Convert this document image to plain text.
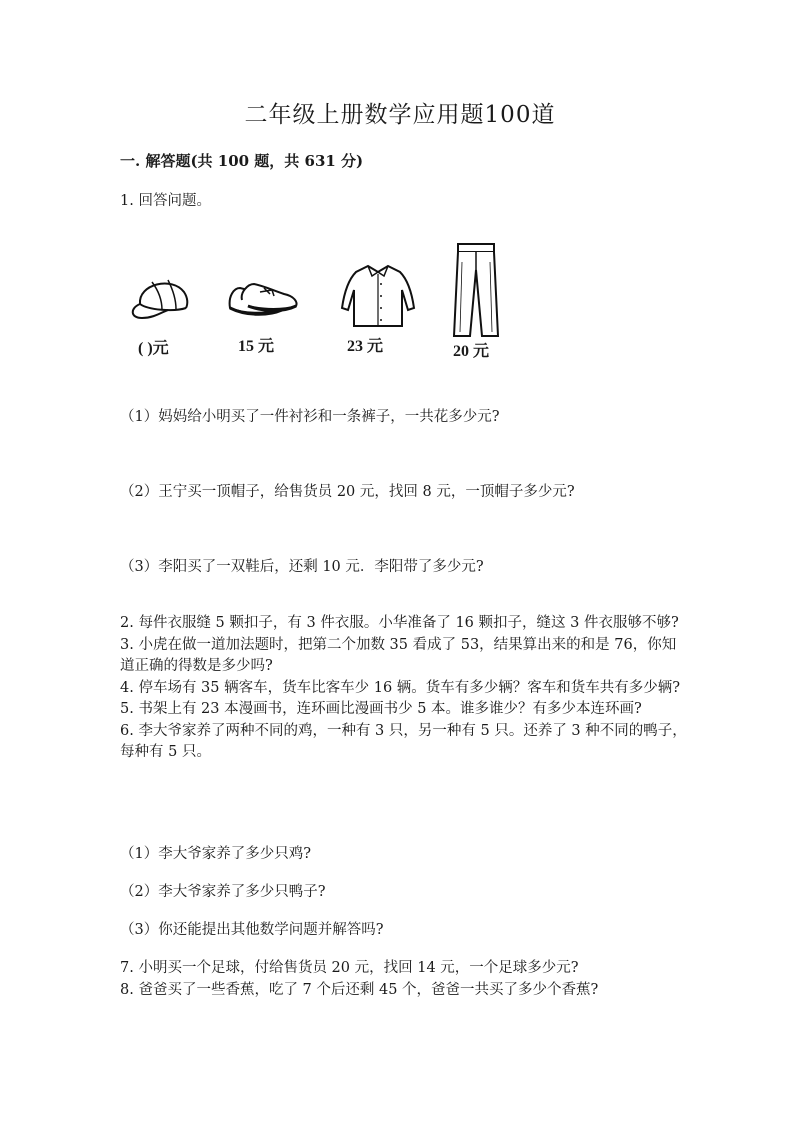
二年级上册数学应用题100道
一. 解答题(共 100 题，共 631 分)
1. 回答问题。
( )元	15 元	23 元	20 元
（1）妈妈给小明买了一件衬衫和一条裤子，一共花多少元?
（2）王宁买一顶帽子，给售货员 20 元，找回 8 元，一顶帽子多少元?
（3）李阳买了一双鞋后，还剩 10 元．李阳带了多少元?

2. 每件衣服缝 5 颗扣子，有 3 件衣服。小华准备了 16 颗扣子，缝这 3 件衣服够不够?

3. 小虎在做一道加法题时，把第二个加数 35 看成了 53，结果算出来的和是 76，你知道正确的得数是多少吗?

4. 停车场有 35 辆客车，货车比客车少 16 辆。货车有多少辆？客车和货车共有多少辆?

5. 书架上有 23 本漫画书，连环画比漫画书少 5 本。谁多谁少？有多少本连环画?

6. 李大爷家养了两种不同的鸡，一种有 3 只，另一种有 5 只。还养了 3 种不同的鸭子，每种有 5 只。

（1）李大爷家养了多少只鸡?
（2）李大爷家养了多少只鸭子?
（3）你还能提出其他数学问题并解答吗?

7. 小明买一个足球，付给售货员 20 元，找回 14 元，一个足球多少元?

8. 爸爸买了一些香蕉，吃了 7 个后还剩 45 个，爸爸一共买了多少个香蕉?
